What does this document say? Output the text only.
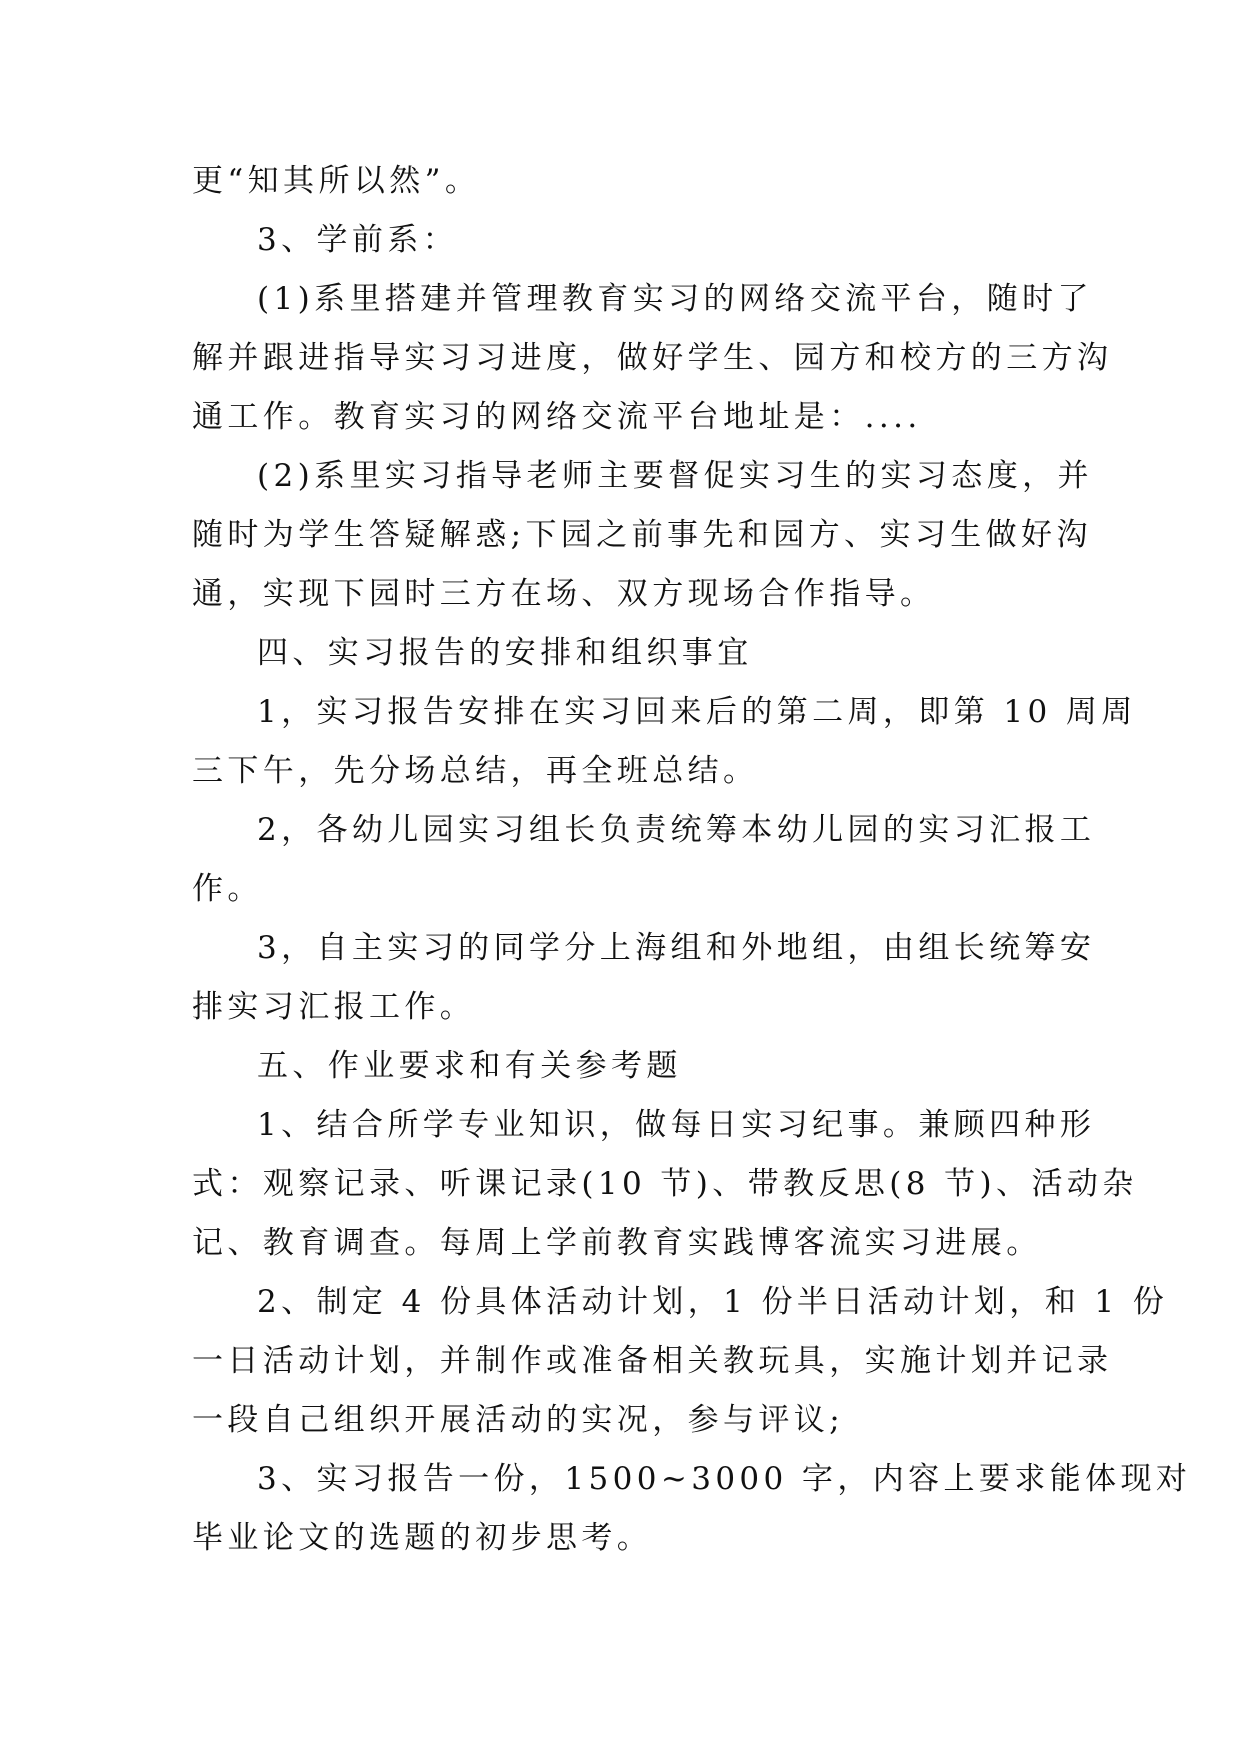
更“知其所以然”。
3、学前系：
(1)系里搭建并管理教育实习的网络交流平台，随时了
解并跟进指导实习习进度，做好学生、园方和校方的三方沟
通工作。教育实习的网络交流平台地址是：....
(2)系里实习指导老师主要督促实习生的实习态度，并
随时为学生答疑解惑;下园之前事先和园方、实习生做好沟
通，实现下园时三方在场、双方现场合作指导。
四、实习报告的安排和组织事宜
1，实习报告安排在实习回来后的第二周，即第 10 周周
三下午，先分场总结，再全班总结。
2，各幼儿园实习组长负责统筹本幼儿园的实习汇报工
作。
3，自主实习的同学分上海组和外地组，由组长统筹安
排实习汇报工作。
五、作业要求和有关参考题
1、结合所学专业知识，做每日实习纪事。兼顾四种形
式：观察记录、听课记录(10 节)、带教反思(8 节)、活动杂
记、教育调查。每周上学前教育实践博客流实习进展。
2、制定 4 份具体活动计划，1 份半日活动计划，和 1 份
一日活动计划，并制作或准备相关教玩具，实施计划并记录
一段自己组织开展活动的实况，参与评议;
3、实习报告一份，1500~3000 字，内容上要求能体现对
毕业论文的选题的初步思考。
